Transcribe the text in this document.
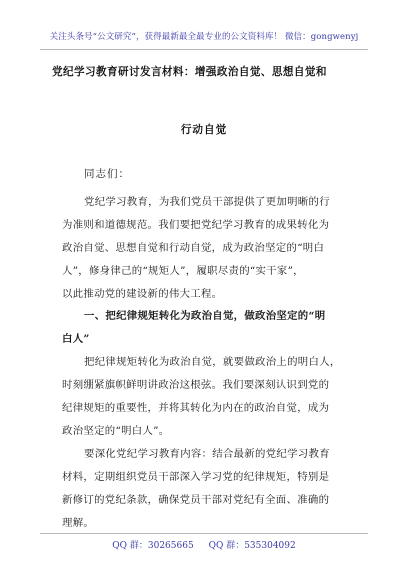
关注头条号“公文研究”，获得最新最全最专业的公文资料库！ 微信：gongwenyj
党纪学习教育研讨发言材料：增强政治自觉、思想自觉和
行动自觉
同志们：
党纪学习教育，为我们党员干部提供了更加明晰的行
为准则和道德规范。我们要把党纪学习教育的成果转化为
政治自觉、思想自觉和行动自觉，成为政治坚定的“明白
人”，修身律己的“规矩人”，履职尽责的“实干家”，
以此推动党的建设新的伟大工程。
一、把纪律规矩转化为政治自觉，做政治坚定的“明
白人”
把纪律规矩转化为政治自觉，就要做政治上的明白人，
时刻绷紧旗帜鲜明讲政治这根弦。我们要深刻认识到党的
纪律规矩的重要性，并将其转化为内在的政治自觉，成为
政治坚定的“明白人”。
要深化党纪学习教育内容：结合最新的党纪学习教育
材料，定期组织党员干部深入学习党的纪律规矩，特别是
新修订的党纪条款，确保党员干部对党纪有全面、准确的
理解。
QQ 群：30265665 QQ 群：535304092
